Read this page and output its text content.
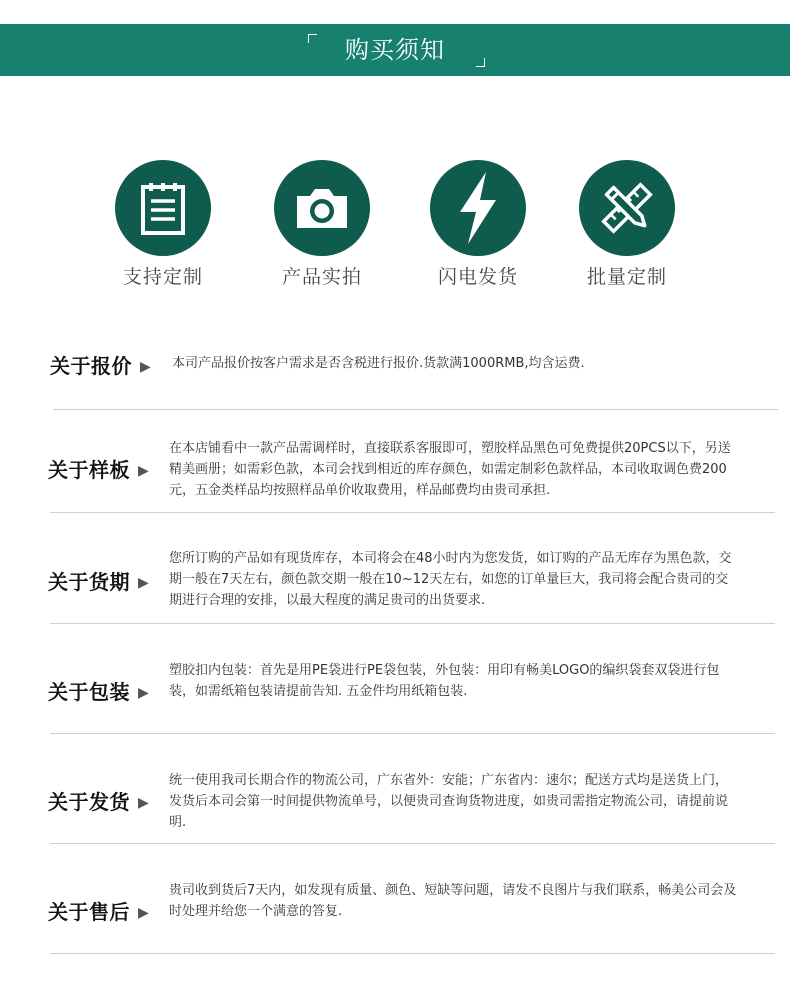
购买须知
支持定制	产品实拍	闪电发货	批量定制
关于报价 ▶ 本司产品报价按客户需求是否含税进行报价.货款满1000RMB,均含运费.
关于样板 ▶
在本店铺看中一款产品需调样时，直接联系客服即可，塑胶样品黑色可免费提供20PCS以下，另送精美画册；如需彩色款，本司会找到相近的库存颜色，如需定制彩色款样品，本司收取调色费200元，五金类样品均按照样品单价收取费用，样品邮费均由贵司承担.
关于货期 ▶
您所订购的产品如有现货库存，本司将会在48小时内为您发货，如订购的产品无库存为黑色款，交期一般在7天左右，颜色款交期一般在10~12天左右，如您的订单量巨大，我司将会配合贵司的交期进行合理的安排，以最大程度的满足贵司的出货要求.
关于包装 ▶
塑胶扣内包装：首先是用PE袋进行PE袋包装，外包装：用印有畅美LOGO的编织袋套双袋进行包装，如需纸箱包装请提前告知. 五金件均用纸箱包装.
关于发货 ▶
统一使用我司长期合作的物流公司，广东省外：安能；广东省内：速尔；配送方式均是送货上门，发货后本司会第一时间提供物流单号，以便贵司查询货物进度，如贵司需指定物流公司，请提前说明.
关于售后 ▶
贵司收到货后7天内，如发现有质量、颜色、短缺等问题，请发不良图片与我们联系，畅美公司会及时处理并给您一个满意的答复.
